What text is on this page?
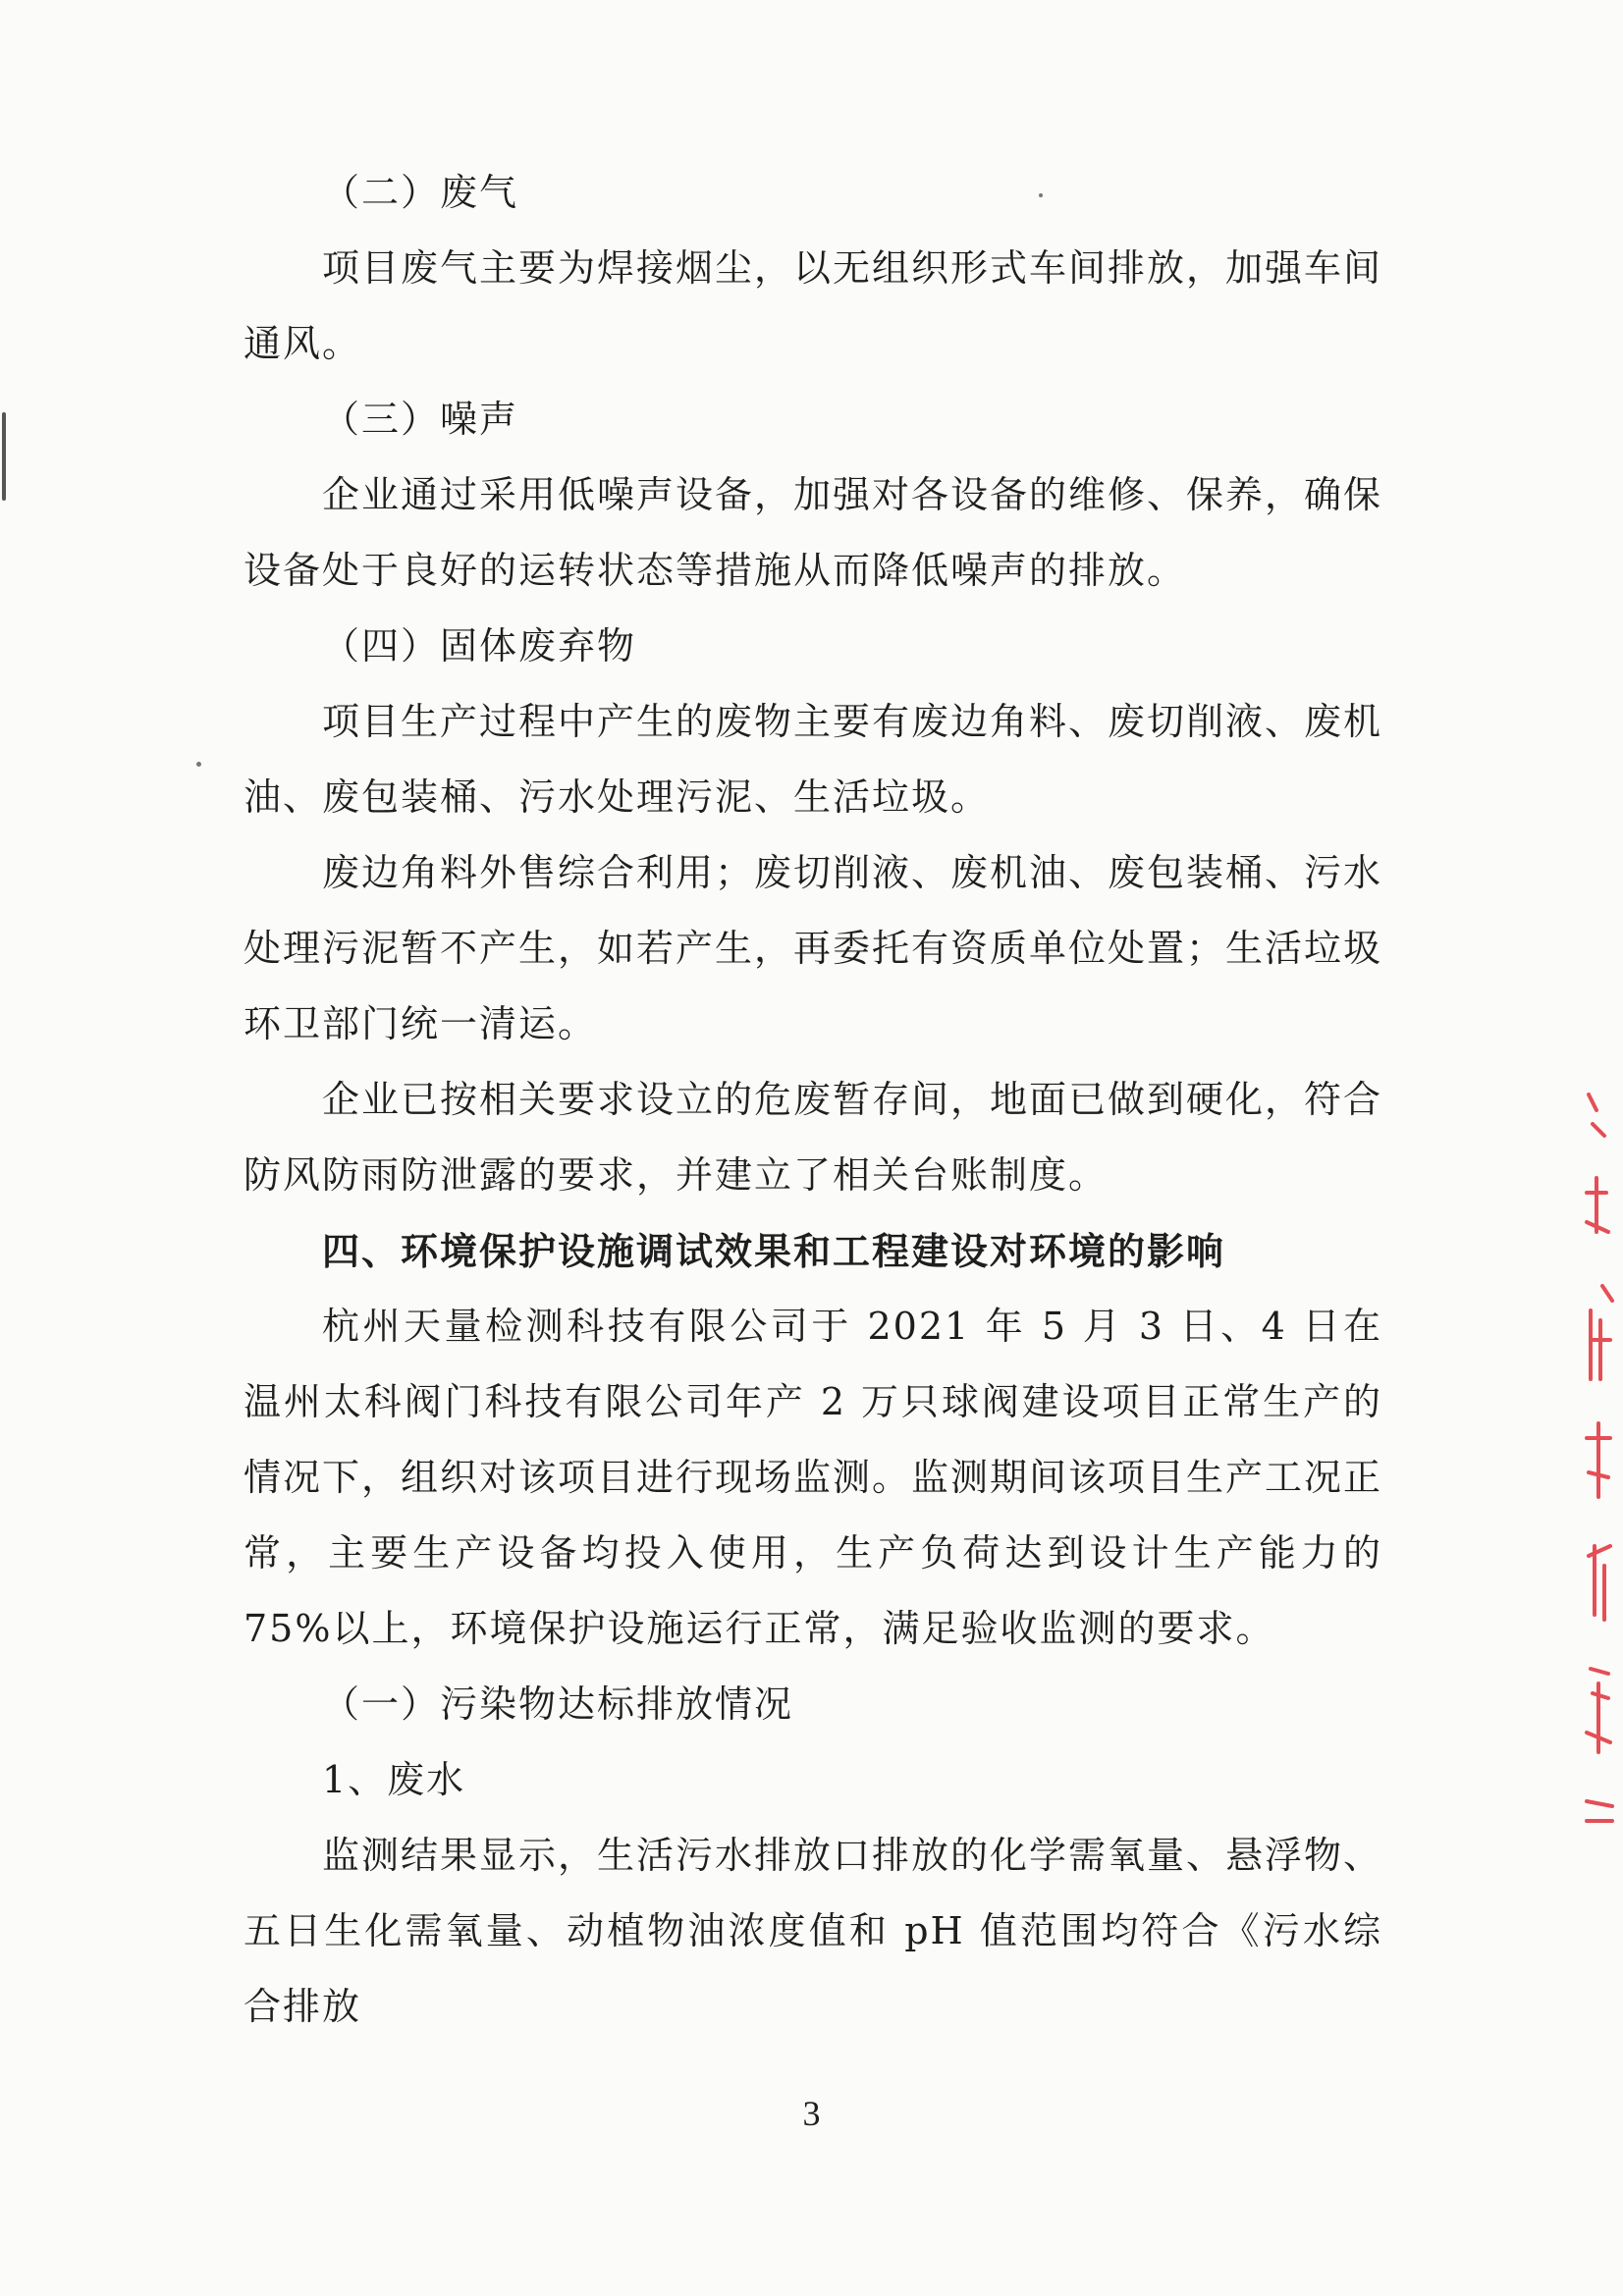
（二）废气

项目废气主要为焊接烟尘，以无组织形式车间排放，加强车间通风。

（三）噪声

企业通过采用低噪声设备，加强对各设备的维修、保养，确保设备处于良好的运转状态等措施从而降低噪声的排放。

（四）固体废弃物

项目生产过程中产生的废物主要有废边角料、废切削液、废机油、废包装桶、污水处理污泥、生活垃圾。

废边角料外售综合利用；废切削液、废机油、废包装桶、污水处理污泥暂不产生，如若产生，再委托有资质单位处置；生活垃圾环卫部门统一清运。

企业已按相关要求设立的危废暂存间，地面已做到硬化，符合防风防雨防泄露的要求，并建立了相关台账制度。

四、环境保护设施调试效果和工程建设对环境的影响

杭州天量检测科技有限公司于 2021 年 5 月 3 日、4 日在温州太科阀门科技有限公司年产 2 万只球阀建设项目正常生产的情况下，组织对该项目进行现场监测。监测期间该项目生产工况正常，主要生产设备均投入使用，生产负荷达到设计生产能力的 75%以上，环境保护设施运行正常，满足验收监测的要求。

（一）污染物达标排放情况

1、废水

监测结果显示，生活污水排放口排放的化学需氧量、悬浮物、五日生化需氧量、动植物油浓度值和 pH 值范围均符合《污水综合排放

3
